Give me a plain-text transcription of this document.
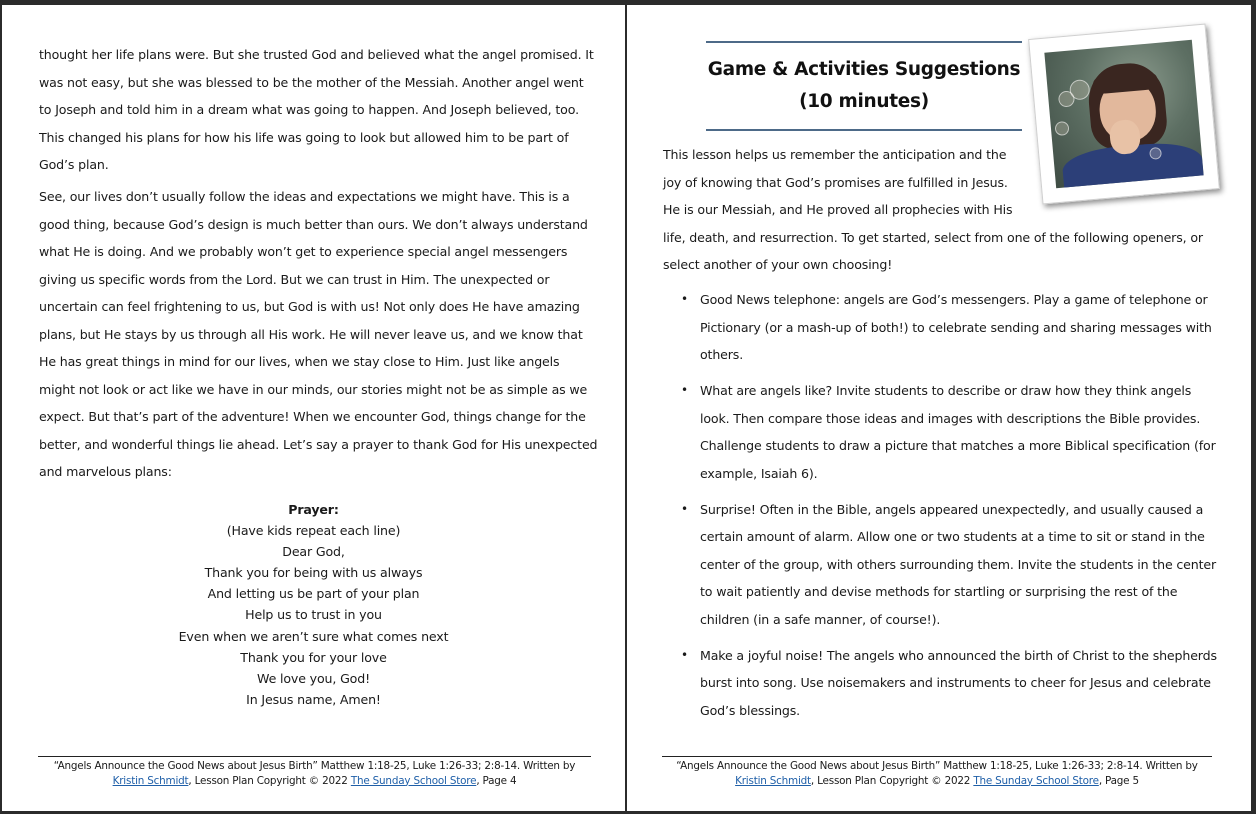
thought her life plans were. But she trusted God and believed what the angel promised. It was not easy, but she was blessed to be the mother of the Messiah. Another angel went to Joseph and told him in a dream what was going to happen. And Joseph believed, too. This changed his plans for how his life was going to look but allowed him to be part of God’s plan.

See, our lives don’t usually follow the ideas and expectations we might have. This is a good thing, because God’s design is much better than ours. We don’t always understand what He is doing. And we probably won’t get to experience special angel messengers giving us specific words from the Lord. But we can trust in Him. The unexpected or uncertain can feel frightening to us, but God is with us! Not only does He have amazing plans, but He stays by us through all His work. He will never leave us, and we know that He has great things in mind for our lives, when we stay close to Him. Just like angels might not look or act like we have in our minds, our stories might not be as simple as we expect. But that’s part of the adventure! When we encounter God, things change for the better, and wonderful things lie ahead. Let’s say a prayer to thank God for His unexpected and marvelous plans:

Prayer:
(Have kids repeat each line)
Dear God,
Thank you for being with us always
And letting us be part of your plan
Help us to trust in you
Even when we aren’t sure what comes next
Thank you for your love
We love you, God!
In Jesus name, Amen!
“Angels Announce the Good News about Jesus Birth” Matthew 1:18-25, Luke 1:26-33; 2:8-14. Written by Kristin Schmidt, Lesson Plan Copyright © 2022 The Sunday School Store, Page 4
Game & Activities Suggestions
(10 minutes)
This lesson helps us remember the anticipation and the
joy of knowing that God’s promises are fulfilled in Jesus.
He is our Messiah, and He proved all prophecies with His
life, death, and resurrection. To get started, select from one of the following openers, or
select another of your own choosing!
• Good News telephone: angels are God’s messengers. Play a game of telephone or Pictionary (or a mash-up of both!) to celebrate sending and sharing messages with others.
• What are angels like? Invite students to describe or draw how they think angels look. Then compare those ideas and images with descriptions the Bible provides. Challenge students to draw a picture that matches a more Biblical specification (for example, Isaiah 6).
• Surprise! Often in the Bible, angels appeared unexpectedly, and usually caused a certain amount of alarm. Allow one or two students at a time to sit or stand in the center of the group, with others surrounding them. Invite the students in the center to wait patiently and devise methods for startling or surprising the rest of the children (in a safe manner, of course!).
• Make a joyful noise! The angels who announced the birth of Christ to the shepherds burst into song. Use noisemakers and instruments to cheer for Jesus and celebrate God’s blessings.
“Angels Announce the Good News about Jesus Birth” Matthew 1:18-25, Luke 1:26-33; 2:8-14. Written by Kristin Schmidt, Lesson Plan Copyright © 2022 The Sunday School Store, Page 5
